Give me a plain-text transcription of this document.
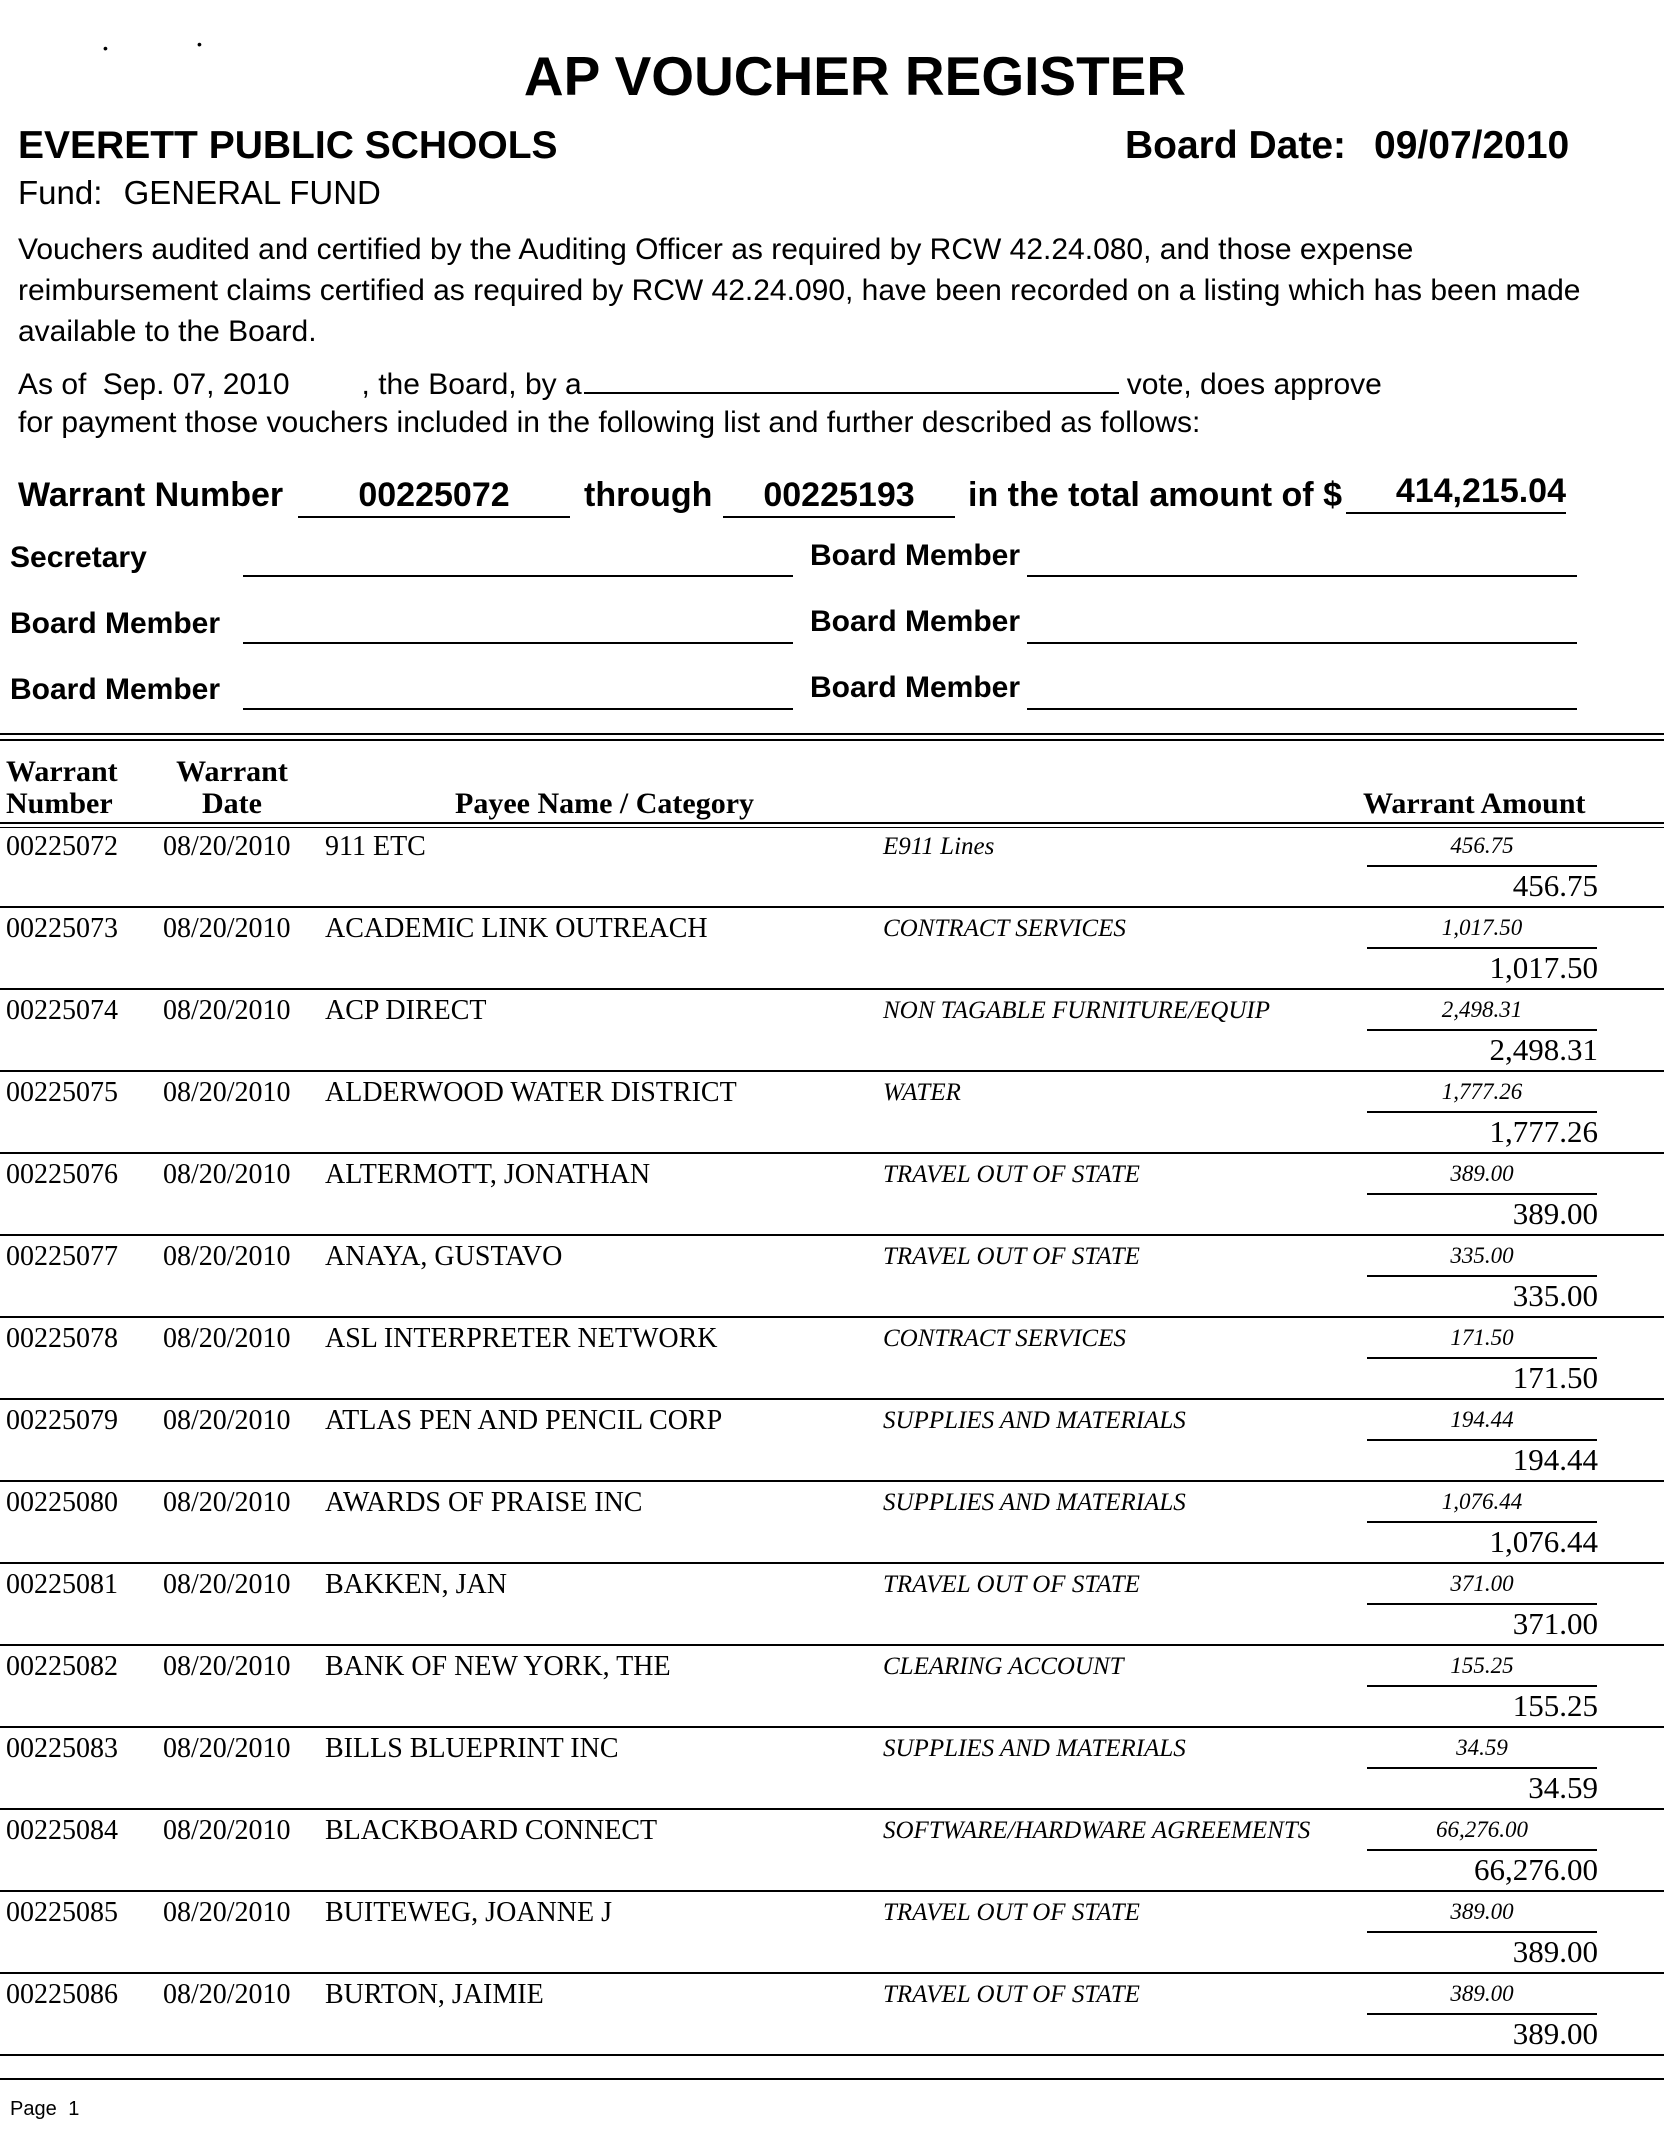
•	•
AP VOUCHER REGISTER
EVERETT PUBLIC SCHOOLS	Board Date: 09/07/2010
Fund: GENERAL FUND
Vouchers audited and certified by the Auditing Officer as required by RCW 42.24.080, and those expense reimbursement claims certified as required by RCW 42.24.090, have been recorded on a listing which has been made available to the Board.
As of Sep. 07, 2010 , the Board, by a	vote, does approve
for payment those vouchers included in the following list and further described as follows:
Warrant Number	00225072	through	00225193	in the total amount of $	414,215.04
Secretary	Board Member
Board Member	Board Member
Board Member	Board Member
Warrant
Number
Warrant
Date	Payee Name / Category	Warrant Amount
00225072 08/20/2010 911 ETC	E911 Lines	456.75
456.75
00225073 08/20/2010 ACADEMIC LINK OUTREACH	CONTRACT SERVICES	1,017.50
1,017.50
00225074 08/20/2010 ACP DIRECT	NON TAGABLE FURNITURE/EQUIP	2,498.31
2,498.31
00225075 08/20/2010 ALDERWOOD WATER DISTRICT	WATER	1,777.26
1,777.26
00225076 08/20/2010 ALTERMOTT, JONATHAN	TRAVEL OUT OF STATE	389.00
389.00
00225077 08/20/2010 ANAYA, GUSTAVO	TRAVEL OUT OF STATE	335.00
335.00
00225078 08/20/2010 ASL INTERPRETER NETWORK	CONTRACT SERVICES	171.50
171.50
00225079 08/20/2010 ATLAS PEN AND PENCIL CORP	SUPPLIES AND MATERIALS	194.44
194.44
00225080 08/20/2010 AWARDS OF PRAISE INC	SUPPLIES AND MATERIALS	1,076.44
1,076.44
00225081 08/20/2010 BAKKEN, JAN	TRAVEL OUT OF STATE	371.00
371.00
00225082 08/20/2010 BANK OF NEW YORK, THE	CLEARING ACCOUNT	155.25
155.25
00225083 08/20/2010 BILLS BLUEPRINT INC	SUPPLIES AND MATERIALS	34.59
34.59
00225084 08/20/2010 BLACKBOARD CONNECT	SOFTWARE/HARDWARE AGREEMENTS	66,276.00
66,276.00
00225085 08/20/2010 BUITEWEG, JOANNE J	TRAVEL OUT OF STATE	389.00
389.00
00225086 08/20/2010 BURTON, JAIMIE	TRAVEL OUT OF STATE	389.00
389.00
Page 1
